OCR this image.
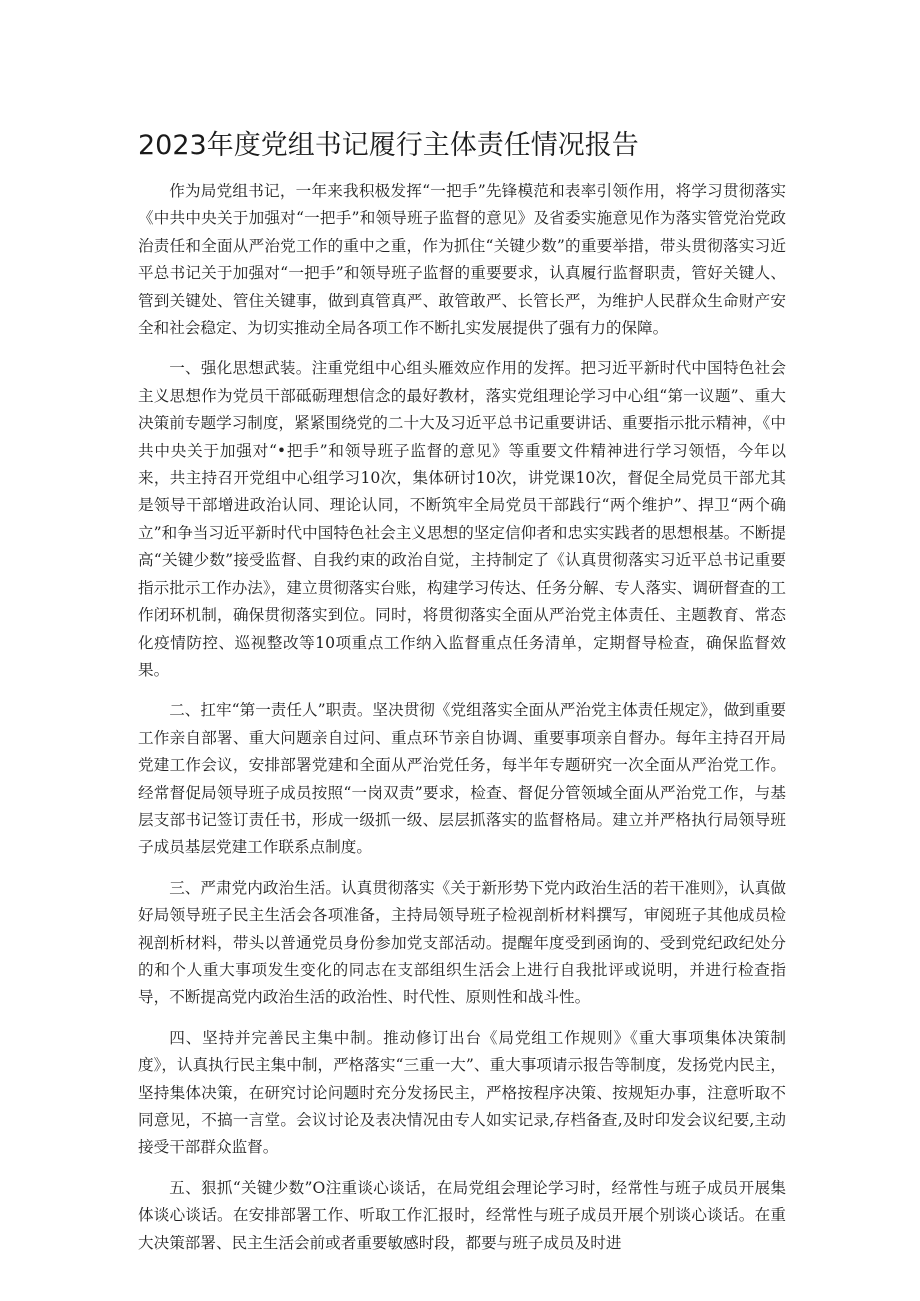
2023年度党组书记履行主体责任情况报告

作为局党组书记，一年来我积极发挥“一把手”先锋模范和表率引领作用，将学习贯彻落实《中共中央关于加强对“一把手”和领导班子监督的意见》及省委实施意见作为落实管党治党政治责任和全面从严治党工作的重中之重，作为抓住“关键少数”的重要举措，带头贯彻落实习近平总书记关于加强对“一把手”和领导班子监督的重要要求，认真履行监督职责，管好关键人、管到关键处、管住关键事，做到真管真严、敢管敢严、长管长严，为维护人民群众生命财产安全和社会稳定、为切实推动全局各项工作不断扎实发展提供了强有力的保障。

一、强化思想武装。注重党组中心组头雁效应作用的发挥。把习近平新时代中国特色社会主义思想作为党员干部砥砺理想信念的最好教材，落实党组理论学习中心组“第一议题”、重大决策前专题学习制度，紧紧围绕党的二十大及习近平总书记重要讲话、重要指示批示精神，《中共中央关于加强对“•把手”和领导班子监督的意见》等重要文件精神进行学习领悟，今年以来，共主持召开党组中心组学习10次，集体研讨10次，讲党课10次，督促全局党员干部尤其是领导干部增进政治认同、理论认同，不断筑牢全局党员干部践行“两个维护”、捍卫“两个确立”和争当习近平新时代中国特色社会主义思想的坚定信仰者和忠实实践者的思想根基。不断提高“关键少数”接受监督、自我约束的政治自觉，主持制定了《认真贯彻落实习近平总书记重要指示批示工作办法》，建立贯彻落实台账，构建学习传达、任务分解、专人落实、调研督查的工作闭环机制，确保贯彻落实到位。同时，将贯彻落实全面从严治党主体责任、主题教育、常态化疫情防控、巡视整改等10项重点工作纳入监督重点任务清单，定期督导检查，确保监督效果。

二、扛牢“第一责任人”职责。坚决贯彻《党组落实全面从严治党主体责任规定》，做到重要工作亲自部署、重大问题亲自过问、重点环节亲自协调、重要事项亲自督办。每年主持召开局党建工作会议，安排部署党建和全面从严治党任务，每半年专题研究一次全面从严治党工作。经常督促局领导班子成员按照“一岗双责”要求，检查、督促分管领域全面从严治党工作，与基层支部书记签订责任书，形成一级抓一级、层层抓落实的监督格局。建立并严格执行局领导班子成员基层党建工作联系点制度。

三、严肃党内政治生活。认真贯彻落实《关于新形势下党内政治生活的若干准则》，认真做好局领导班子民主生活会各项准备，主持局领导班子检视剖析材料撰写，审阅班子其他成员检视剖析材料，带头以普通党员身份参加党支部活动。提醒年度受到函询的、受到党纪政纪处分的和个人重大事项发生变化的同志在支部组织生活会上进行自我批评或说明，并进行检查指导，不断提高党内政治生活的政治性、时代性、原则性和战斗性。

四、坚持并完善民主集中制。推动修订出台《局党组工作规则》《重大事项集体决策制度》，认真执行民主集中制，严格落实“三重一大”、重大事项请示报告等制度，发扬党内民主，坚持集体决策，在研究讨论问题时充分发扬民主，严格按程序决策、按规矩办事，注意听取不同意见，不搞一言堂。会议讨论及表决情况由专人如实记录,存档备查,及时印发会议纪要,主动接受干部群众监督。

五、狠抓“关键少数”O注重谈心谈话，在局党组会理论学习时，经常性与班子成员开展集体谈心谈话。在安排部署工作、听取工作汇报时，经常性与班子成员开展个别谈心谈话。在重大决策部署、民主生活会前或者重要敏感时段，都要与班子成员及时进
